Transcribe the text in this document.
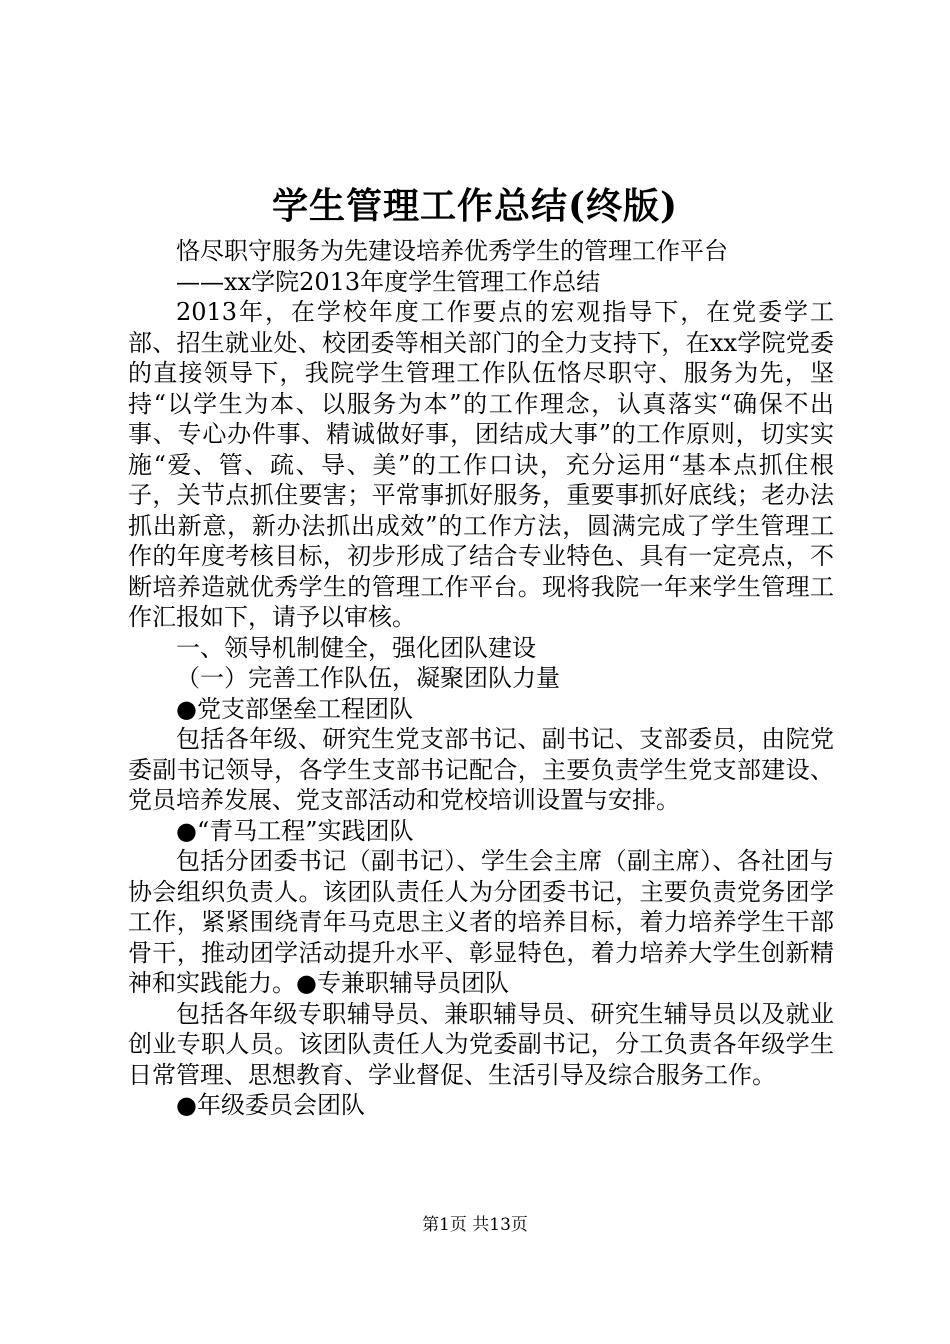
学生管理工作总结(终版)

恪尽职守服务为先建设培养优秀学生的管理工作平台

——xx学院2013年度学生管理工作总结

2013年，在学校年度工作要点的宏观指导下，在党委学工部、招生就业处、校团委等相关部门的全力支持下，在xx学院党委的直接领导下，我院学生管理工作队伍恪尽职守、服务为先，坚持“以学生为本、以服务为本”的工作理念，认真落实“确保不出事、专心办件事、精诚做好事，团结成大事”的工作原则，切实实施“爱、管、疏、导、美”的工作口诀，充分运用“基本点抓住根子，关节点抓住要害；平常事抓好服务，重要事抓好底线；老办法抓出新意，新办法抓出成效”的工作方法，圆满完成了学生管理工作的年度考核目标，初步形成了结合专业特色、具有一定亮点，不断培养造就优秀学生的管理工作平台。现将我院一年来学生管理工作汇报如下，请予以审核。

一、领导机制健全，强化团队建设

（一）完善工作队伍，凝聚团队力量

●党支部堡垒工程团队

包括各年级、研究生党支部书记、副书记、支部委员，由院党委副书记领导，各学生支部书记配合，主要负责学生党支部建设、党员培养发展、党支部活动和党校培训设置与安排。

●“青马工程”实践团队

包括分团委书记（副书记）、学生会主席（副主席）、各社团与协会组织负责人。该团队责任人为分团委书记，主要负责党务团学工作，紧紧围绕青年马克思主义者的培养目标，着力培养学生干部骨干，推动团学活动提升水平、彰显特色，着力培养大学生创新精神和实践能力。●专兼职辅导员团队

包括各年级专职辅导员、兼职辅导员、研究生辅导员以及就业创业专职人员。该团队责任人为党委副书记，分工负责各年级学生日常管理、思想教育、学业督促、生活引导及综合服务工作。

●年级委员会团队

第1页 共13页
